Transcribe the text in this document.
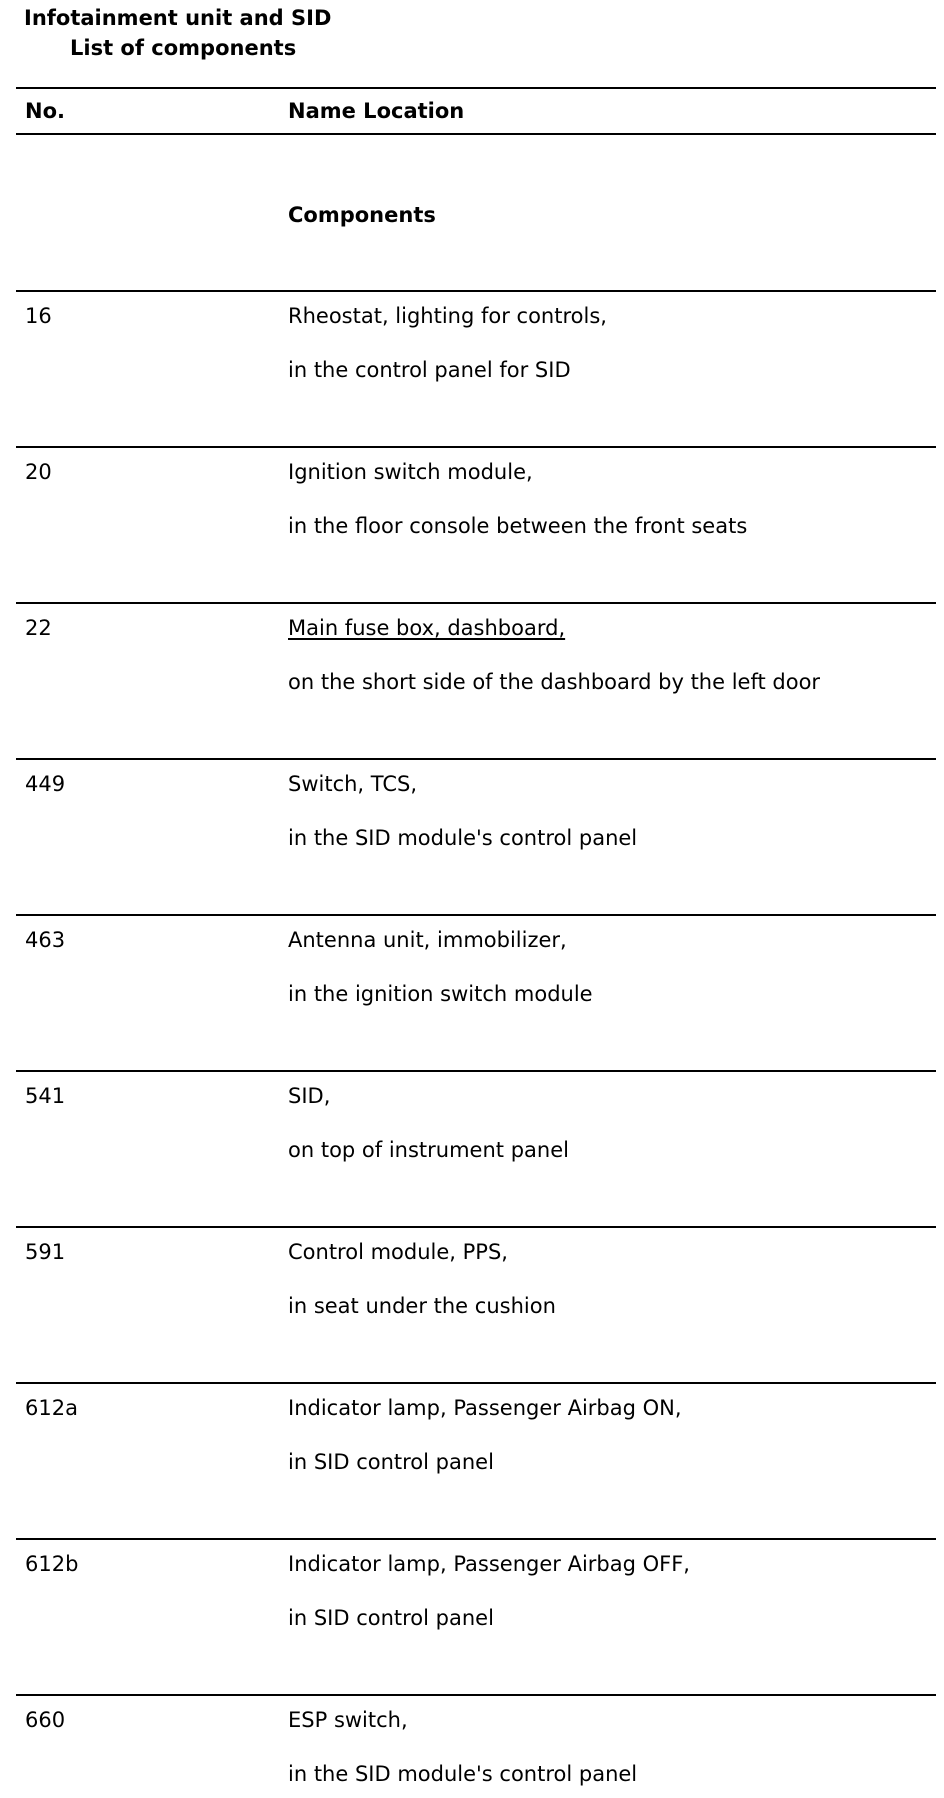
Infotainment unit and SID
List of components
No.	Name Location
Components
16	Rheostat, lighting for controls,
in the control panel for SID
20	Ignition switch module,
in the floor console between the front seats
22	Main fuse box, dashboard,
on the short side of the dashboard by the left door
449	Switch, TCS,
in the SID module's control panel
463	Antenna unit, immobilizer,
in the ignition switch module
541	SID,
on top of instrument panel
591	Control module, PPS,
in seat under the cushion
612a	Indicator lamp, Passenger Airbag ON,
in SID control panel
612b	Indicator lamp, Passenger Airbag OFF,
in SID control panel
660	ESP switch,
in the SID module's control panel
